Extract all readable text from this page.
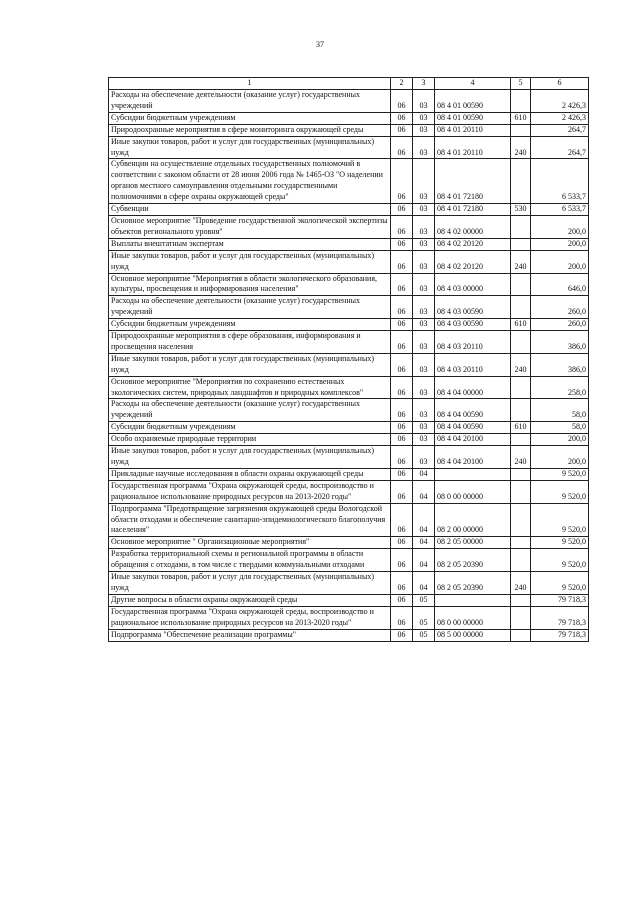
37
1	2	3	4	5	6
Расходы на обеспечение деятельности (оказание услуг) государственных учреждений	06	03	08 4 01 00590		2 426,3
Субсидии бюджетным учреждениям	06	03	08 4 01 00590	610	2 426,3
Природоохранные мероприятия в сфере мониторинга окружающей среды	06	03	08 4 01 20110		264,7
Иные закупки товаров, работ и услуг для государственных (муниципальных) нужд	06	03	08 4 01 20110	240	264,7
Субвенции на осуществление отдельных государственных полномочий в соответствии с законом области от 28 июня 2006 года № 1465-ОЗ "О наделении органов местного самоуправления отдельными государственными полномочиями в сфере охраны окружающей среды"	06	03	08 4 01 72180		6 533,7
Субвенции	06	03	08 4 01 72180	530	6 533,7
Основное мероприятие "Проведение государственной экологической экспертизы объектов регионального уровня"	06	03	08 4 02 00000		200,0
Выплаты внештатным экспертам	06	03	08 4 02 20120		200,0
Иные закупки товаров, работ и услуг для государственных (муниципальных) нужд	06	03	08 4 02 20120	240	200,0
Основное мероприятие "Мероприятия в области экологического образования, культуры, просвещения и информирования населения"	06	03	08 4 03 00000		646,0
Расходы на обеспечение деятельности (оказание услуг) государственных учреждений	06	03	08 4 03 00590		260,0
Субсидии бюджетным учреждениям	06	03	08 4 03 00590	610	260,0
Природоохранные мероприятия в сфере образования, информирования и просвещения населения	06	03	08 4 03 20110		386,0
Иные закупки товаров, работ и услуг для государственных (муниципальных) нужд	06	03	08 4 03 20110	240	386,0
Основное мероприятие "Мероприятия по сохранению естественных экологических систем, природных ландшафтов и природных комплексов"	06	03	08 4 04 00000		258,0
Расходы на обеспечение деятельности (оказание услуг) государственных учреждений	06	03	08 4 04 00590		58,0
Субсидии бюджетным учреждениям	06	03	08 4 04 00590	610	58,0
Особо охраняемые природные территории	06	03	08 4 04 20100		200,0
Иные закупки товаров, работ и услуг для государственных (муниципальных) нужд	06	03	08 4 04 20100	240	200,0
Прикладные научные исследования в области охраны окружающей среды	06	04			9 520,0
Государственная программа "Охрана окружающей среды, воспроизводство и рациональное использование природных ресурсов на 2013-2020 годы"	06	04	08 0 00 00000		9 520,0
Подпрограмма "Предотвращение загрязнения окружающей среды Вологодской области отходами и обеспечение санитарно-эпидемиологического благополучия населения"	06	04	08 2 00 00000		9 520,0
Основное мероприятие " Организационные мероприятия"	06	04	08 2 05 00000		9 520,0
Разработка территориальной схемы и региональной программы в области обращения с отходами, в том числе с твердыми коммунальными отходами	06	04	08 2 05 20390		9 520,0
Иные закупки товаров, работ и услуг для государственных (муниципальных) нужд	06	04	08 2 05 20390	240	9 520,0
Другие вопросы в области охраны окружающей среды	06	05			79 718,3
Государственная программа "Охрана окружающей среды, воспроизводство и рациональное использование природных ресурсов на 2013-2020 годы"	06	05	08 0 00 00000		79 718,3
Подпрограмма "Обеспечение реализации программы"	06	05	08 5 00 00000		79 718,3
